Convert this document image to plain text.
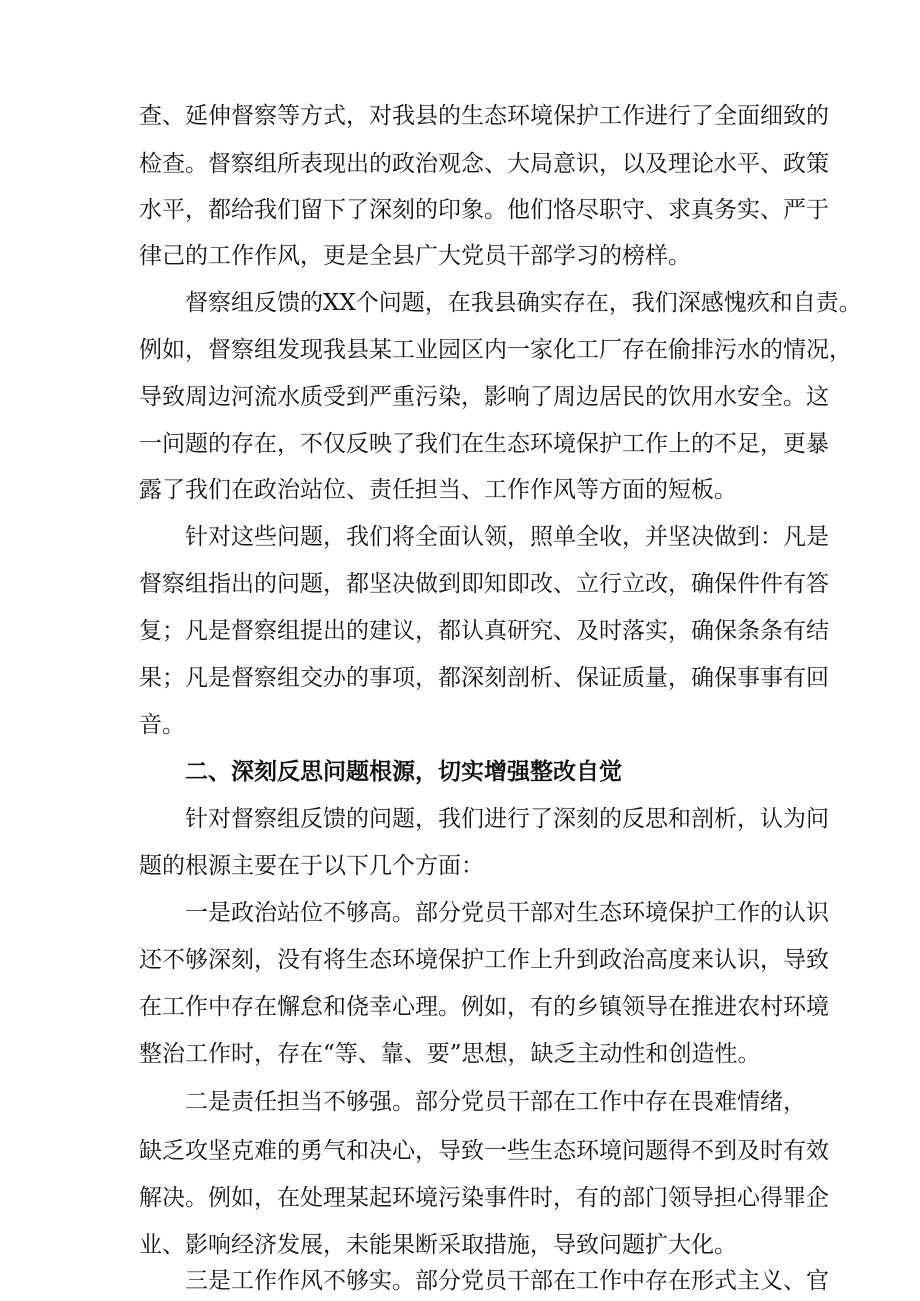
查、延伸督察等方式，对我县的生态环境保护工作进行了全面细致的
检查。督察组所表现出的政治观念、大局意识，以及理论水平、政策
水平，都给我们留下了深刻的印象。他们恪尽职守、求真务实、严于
律己的工作作风，更是全县广大党员干部学习的榜样。
督察组反馈的XX个问题，在我县确实存在，我们深感愧疚和自责。
例如，督察组发现我县某工业园区内一家化工厂存在偷排污水的情况，
导致周边河流水质受到严重污染，影响了周边居民的饮用水安全。这
一问题的存在，不仅反映了我们在生态环境保护工作上的不足，更暴
露了我们在政治站位、责任担当、工作作风等方面的短板。
针对这些问题，我们将全面认领，照单全收，并坚决做到：凡是
督察组指出的问题，都坚决做到即知即改、立行立改，确保件件有答
复；凡是督察组提出的建议，都认真研究、及时落实，确保条条有结
果；凡是督察组交办的事项，都深刻剖析、保证质量，确保事事有回
音。
二、深刻反思问题根源，切实增强整改自觉
针对督察组反馈的问题，我们进行了深刻的反思和剖析，认为问
题的根源主要在于以下几个方面：
一是政治站位不够高。部分党员干部对生态环境保护工作的认识
还不够深刻，没有将生态环境保护工作上升到政治高度来认识，导致
在工作中存在懈怠和侥幸心理。例如，有的乡镇领导在推进农村环境
整治工作时，存在“等、靠、要”思想，缺乏主动性和创造性。
二是责任担当不够强。部分党员干部在工作中存在畏难情绪，
缺乏攻坚克难的勇气和决心，导致一些生态环境问题得不到及时有效
解决。例如，在处理某起环境污染事件时，有的部门领导担心得罪企
业、影响经济发展，未能果断采取措施，导致问题扩大化。
三是工作作风不够实。部分党员干部在工作中存在形式主义、官
